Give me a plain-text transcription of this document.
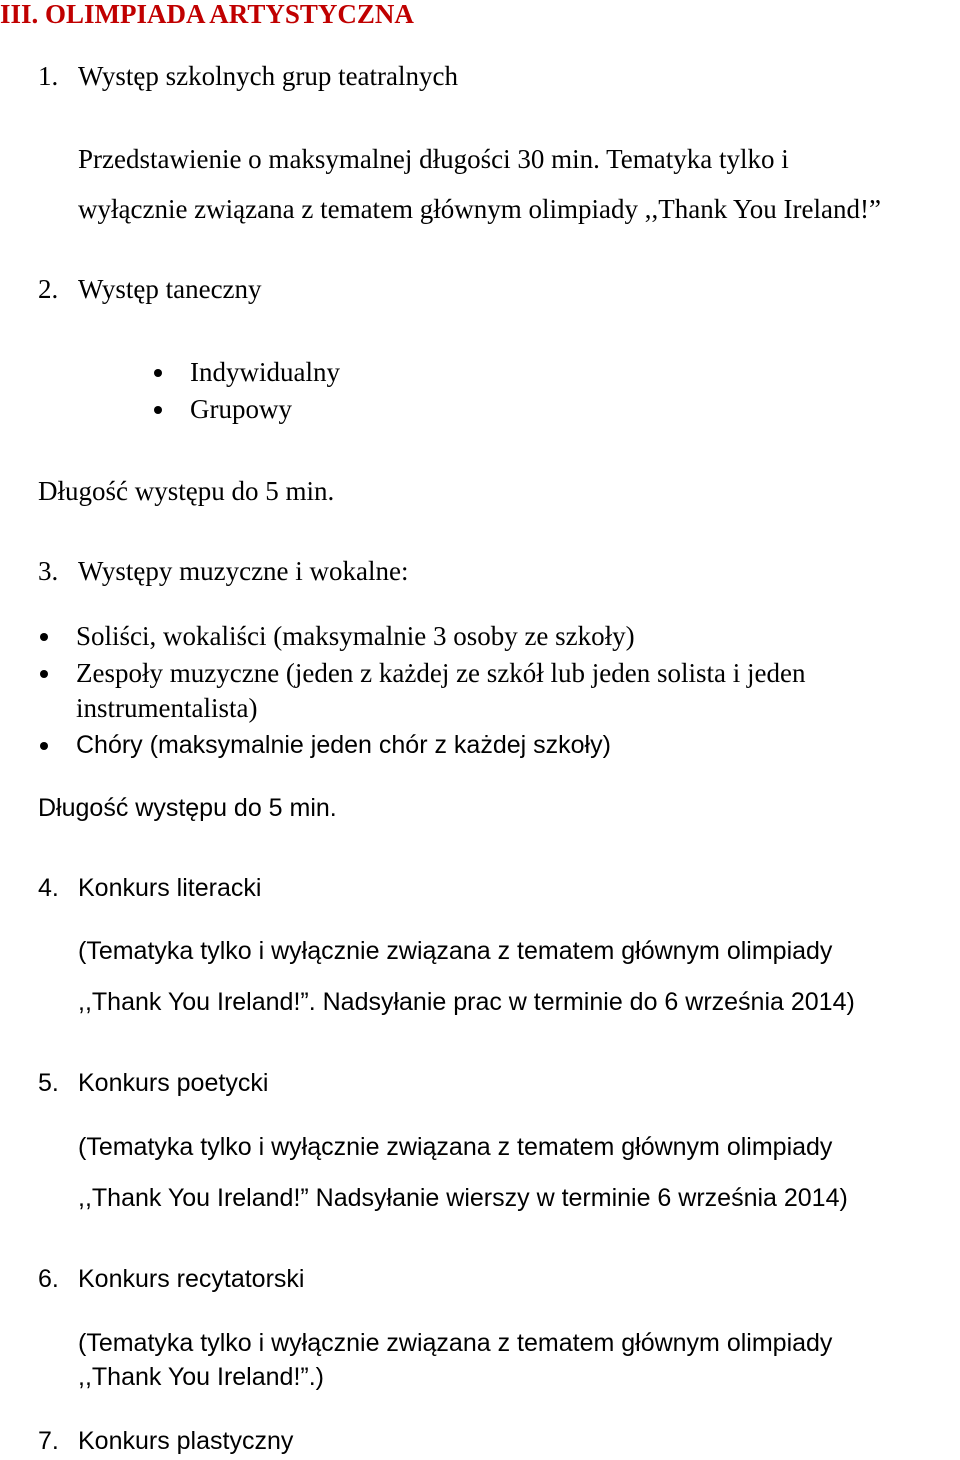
III. OLIMPIADA ARTYSTYCZNA
1. Występ szkolnych grup teatralnych
Przedstawienie o maksymalnej długości 30 min. Tematyka tylko i
wyłącznie związana z tematem głównym olimpiady ,,Thank You Ireland!”
2. Występ taneczny
Indywidualny
Grupowy
Długość występu do 5 min.
3. Występy muzyczne i wokalne:
Soliści, wokaliści (maksymalnie 3 osoby ze szkoły)
Zespoły muzyczne (jeden z każdej ze szkół lub jeden solista i jeden
instrumentalista)
Chóry (maksymalnie jeden chór z każdej szkoły)
Długość występu do 5 min.
4. Konkurs literacki
(Tematyka tylko i wyłącznie związana z tematem głównym olimpiady
,,Thank You Ireland!”. Nadsyłanie prac w terminie do 6 września 2014)
5. Konkurs poetycki
(Tematyka tylko i wyłącznie związana z tematem głównym olimpiady
,,Thank You Ireland!” Nadsyłanie wierszy w terminie 6 września 2014)
6. Konkurs recytatorski
(Tematyka tylko i wyłącznie związana z tematem głównym olimpiady
,,Thank You Ireland!”.)
7. Konkurs plastyczny
